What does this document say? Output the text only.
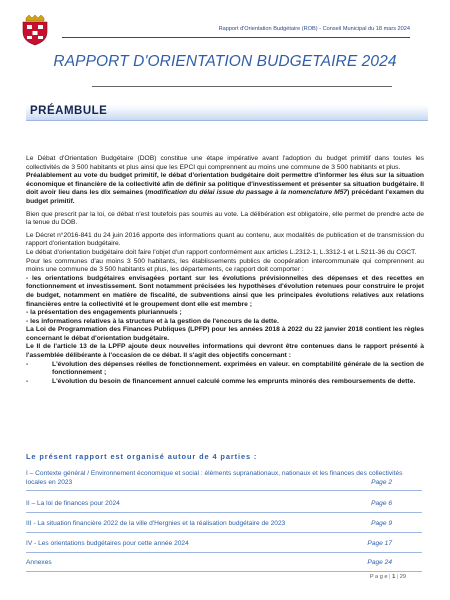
Rapport d'Orientation Budgétaire (ROB) - Conseil Municipal du 18 mars 2024
RAPPORT D'ORIENTATION BUDGETAIRE 2024
PRÉAMBULE

Le Débat d'Orientation Budgétaire (DOB) constitue une étape impérative avant l'adoption du budget primitif dans toutes les collectivités de 3 500 habitants et plus ainsi que les EPCI qui comprennent au moins une commune de 3 500 habitants et plus.

Préalablement au vote du budget primitif, le débat d'orientation budgétaire doit permettre d'informer les élus sur la situation économique et financière de la collectivité afin de définir sa politique d'investissement et présenter sa situation budgétaire. Il doit avoir lieu dans les dix semaines (modification du délai issue du passage à la nomenclature M57) précédant l'examen du budget primitif.

Bien que prescrit par la loi, ce débat n'est toutefois pas soumis au vote. La délibération est obligatoire, elle permet de prendre acte de la tenue du DOB.

Le Décret n°2016-841 du 24 juin 2016 apporte des informations quant au contenu, aux modalités de publication et de transmission du rapport d'orientation budgétaire.

Le débat d'orientation budgétaire doit faire l'objet d'un rapport conformément aux articles L.2312-1, L.3312-1 et L.5211-36 du CGCT.

Pour les communes d'au moins 3 500 habitants, les établissements publics de coopération intercommunale qui comprennent au moins une commune de 3 500 habitants et plus, les départements, ce rapport doit comporter :

- les orientations budgétaires envisagées portant sur les évolutions prévisionnelles des dépenses et des recettes en fonctionnement et investissement. Sont notamment précisées les hypothèses d'évolution retenues pour construire le projet de budget, notamment en matière de fiscalité, de subventions ainsi que les principales évolutions relatives aux relations financières entre la collectivité et le groupement dont elle est membre ;

- la présentation des engagements pluriannuels ;

- les informations relatives à la structure et à la gestion de l'encours de la dette.

La Loi de Programmation des Finances Publiques (LPFP) pour les années 2018 à 2022 du 22 janvier 2018 contient les règles concernant le débat d'orientation budgétaire.

Le II de l'article 13 de la LPFP ajoute deux nouvelles informations qui devront être contenues dans le rapport présenté à l'assemblée délibérante à l'occasion de ce débat. Il s'agit des objectifs concernant :

-	L'évolution des dépenses réelles de fonctionnement. exprimées en valeur. en comptabilité générale de la section de fonctionnement ;
-	L'évolution du besoin de financement annuel calculé comme les emprunts minorés des remboursements de dette.
Le présent rapport est organisé autour de 4 parties :
I – Contexte général / Environnement économique et social : éléments supranationaux, nationaux et les finances des collectivités locales en 2023	Page 2
II – La loi de finances pour 2024	Page 6
III - La situation financière 2022 de la ville d'Hergnies et la réalisation budgétaire de 2023	Page 9
IV - Les orientations budgétaires pour cette année 2024	Page 17
Annexes	Page 24
P a g e | 1 | 29
